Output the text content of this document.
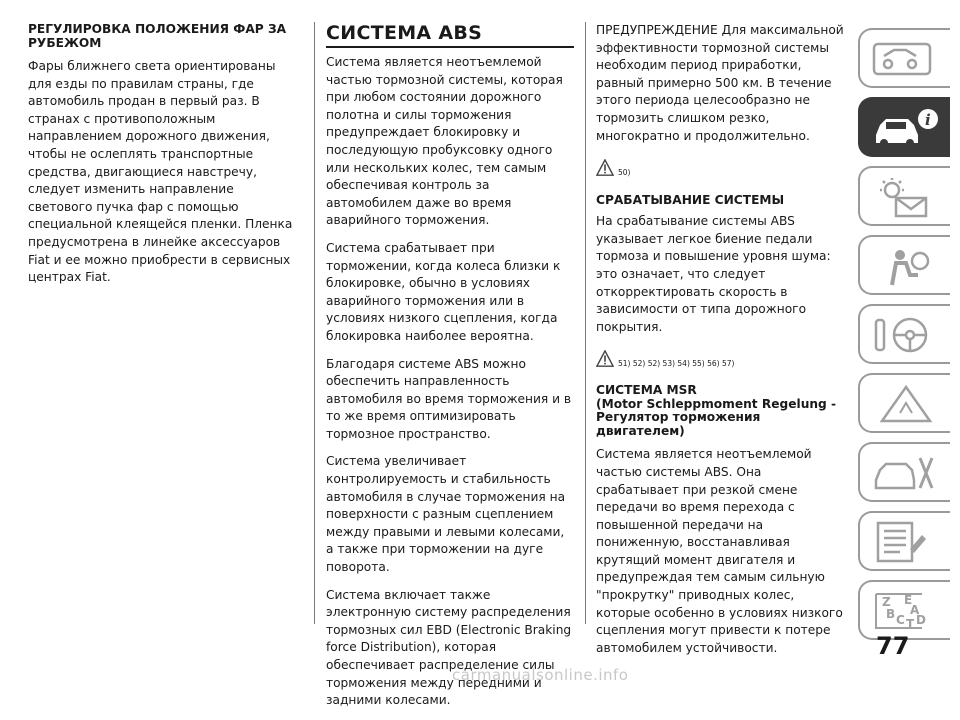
РЕГУЛИРОВКА ПОЛОЖЕНИЯ ФАР ЗА РУБЕЖОМ

Фары ближнего света ориентированы для езды по правилам страны, где автомобиль продан в первый раз. В странах с противоположным направлением дорожного движения, чтобы не ослеплять транспортные средства, двигающиеся навстречу, следует изменить направление светового пучка фар с помощью специальной клеящейся пленки. Пленка предусмотрена в линейке аксессуаров Fiat и ее можно приобрести в сервисных центрах Fiat.

СИСТЕМА ABS

Система является неотъемлемой частью тормозной системы, которая при любом состоянии дорожного полотна и силы торможения предупреждает блокировку и последующую пробуксовку одного или нескольких колес, тем самым обеспечивая контроль за автомобилем даже во время аварийного торможения.

Система срабатывает при торможении, когда колеса близки к блокировке, обычно в условиях аварийного торможения или в условиях низкого сцепления, когда блокировка наиболее вероятна.

Благодаря системе ABS можно обеспечить направленность автомобиля во время торможения и в то же время оптимизировать тормозное пространство.

Система увеличивает контролируемость и стабильность автомобиля в случае торможения на поверхности с разным сцеплением между правыми и левыми колесами, а также при торможении на дуге поворота.

Система включает также электронную систему распределения тормозных сил EBD (Electronic Braking force Distribution), которая обеспечивает распределение силы торможения между передними и задними колесами.

ПРЕДУПРЕЖДЕНИЕ Для максимальной эффективности тормозной системы необходим период приработки, равный примерно 500 км. В течение этого периода целесообразно не тормозить слишком резко, многократно и продолжительно.

50)
СРАБАТЫВАНИЕ СИСТЕМЫ

На срабатывание системы ABS указывает легкое биение педали тормоза и повышение уровня шума: это означает, что следует откорректировать скорость в зависимости от типа дорожного покрытия.

51) 52) 52) 53) 54) 55) 56) 57)
СИСТЕМА MSR
(Motor Schleppmoment Regelung -
Регулятор торможения двигателем)

Система является неотъемлемой частью системы ABS. Она срабатывает при резкой смене передачи во время перехода с повышенной передачи на пониженную, восстанавливая крутящий момент двигателя и предупреждая тем самым сильную "прокрутку" приводных колес, которые особенно в условиях низкого сцепления могут привести к потере автомобилем устойчивости.

i
Z E B A CT D
77
carmanualsonline.info
